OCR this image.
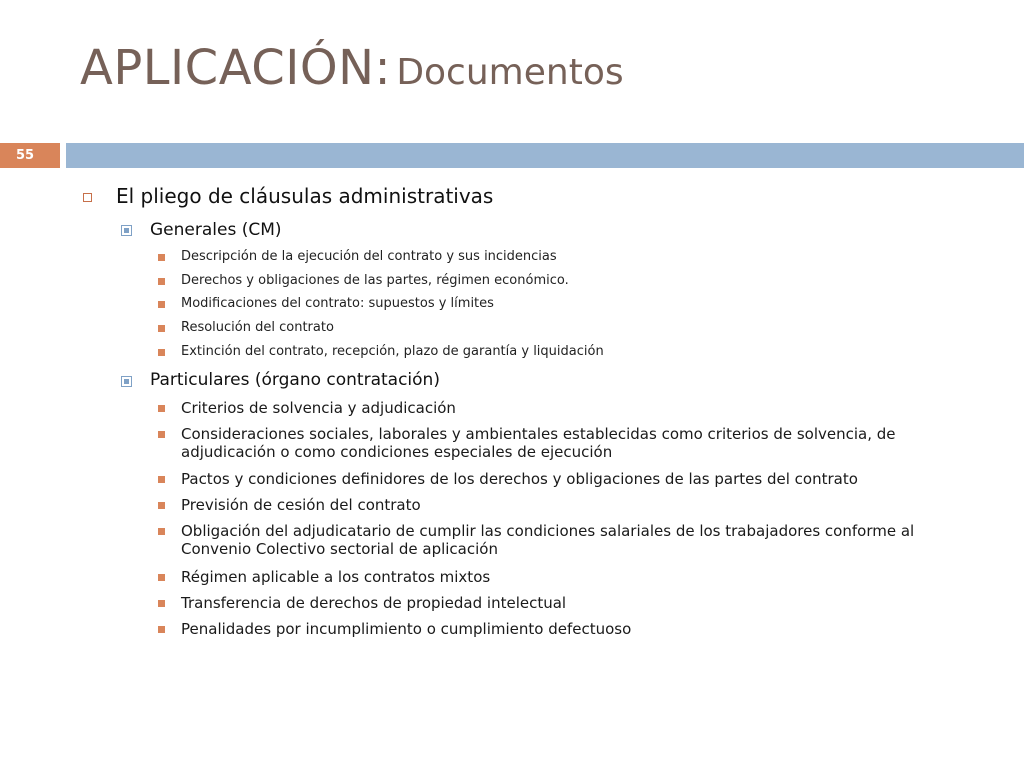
APLICACIÓN: Documentos
55
El pliego de cláusulas administrativas
Generales (CM)
Descripción de la ejecución del contrato y sus incidencias
Derechos y obligaciones de las partes, régimen económico.
Modificaciones del contrato: supuestos y límites
Resolución del contrato
Extinción del contrato, recepción, plazo de garantía y liquidación
Particulares (órgano contratación)
Criterios de solvencia y adjudicación
Consideraciones sociales, laborales y ambientales establecidas como criterios de solvencia, de adjudicación o como condiciones especiales de ejecución
Pactos y condiciones definidores de los derechos y obligaciones de las partes del contrato
Previsión de cesión del contrato
Obligación del adjudicatario de cumplir las condiciones salariales de los trabajadores conforme al Convenio Colectivo sectorial de aplicación
Régimen aplicable a los contratos mixtos
Transferencia de derechos de propiedad intelectual
Penalidades por incumplimiento o cumplimiento defectuoso
